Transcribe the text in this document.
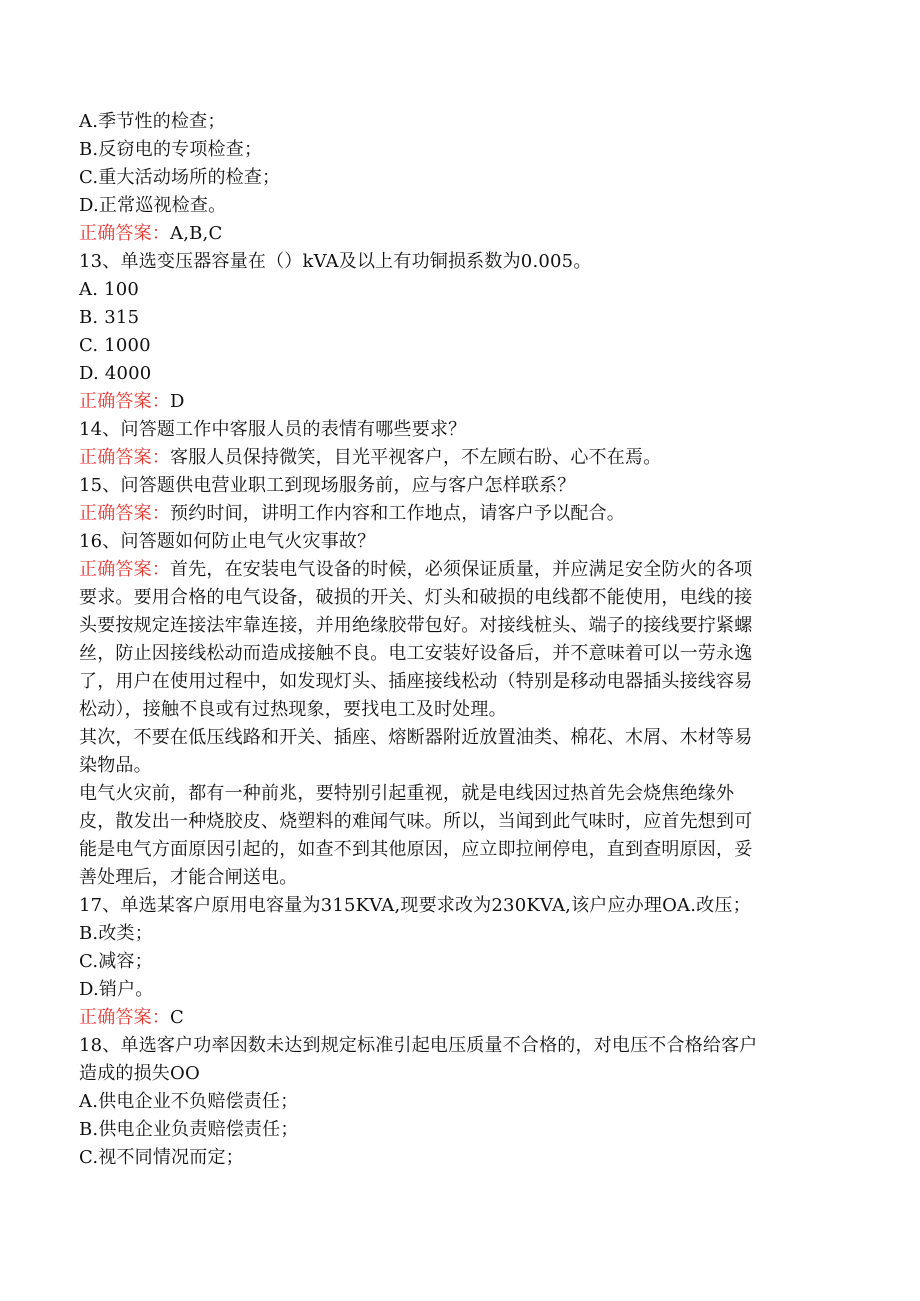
A.季节性的检查；
B.反窃电的专项检查；
C.重大活动场所的检查；
D.正常巡视检查。
正确答案：A,B,C
13、单选变压器容量在（）kVA及以上有功铜损系数为0.005。
A. 100
B. 315
C. 1000
D. 4000
正确答案：D
14、问答题工作中客服人员的表情有哪些要求？
正确答案：客服人员保持微笑，目光平视客户，不左顾右盼、心不在焉。
15、问答题供电营业职工到现场服务前，应与客户怎样联系？
正确答案：预约时间，讲明工作内容和工作地点，请客户予以配合。
16、问答题如何防止电气火灾事故？
正确答案：首先，在安装电气设备的时候，必须保证质量，并应满足安全防火的各项
要求。要用合格的电气设备，破损的开关、灯头和破损的电线都不能使用，电线的接
头要按规定连接法牢靠连接，并用绝缘胶带包好。对接线桩头、端子的接线要拧紧螺
丝，防止因接线松动而造成接触不良。电工安装好设备后，并不意味着可以一劳永逸
了，用户在使用过程中，如发现灯头、插座接线松动（特别是移动电器插头接线容易
松动），接触不良或有过热现象，要找电工及时处理。
其次，不要在低压线路和开关、插座、熔断器附近放置油类、棉花、木屑、木材等易
染物品。
电气火灾前，都有一种前兆，要特别引起重视，就是电线因过热首先会烧焦绝缘外
皮，散发出一种烧胶皮、烧塑料的难闻气味。所以，当闻到此气味时，应首先想到可
能是电气方面原因引起的，如查不到其他原因，应立即拉闸停电，直到查明原因，妥
善处理后，才能合闸送电。
17、单选某客户原用电容量为315KVA,现要求改为230KVA,该户应办理OA.改压；
B.改类；
C.减容；
D.销户。
正确答案：C
18、单选客户功率因数未达到规定标准引起电压质量不合格的，对电压不合格给客户
造成的损失OO
A.供电企业不负赔偿责任；
B.供电企业负责赔偿责任；
C.视不同情况而定；
